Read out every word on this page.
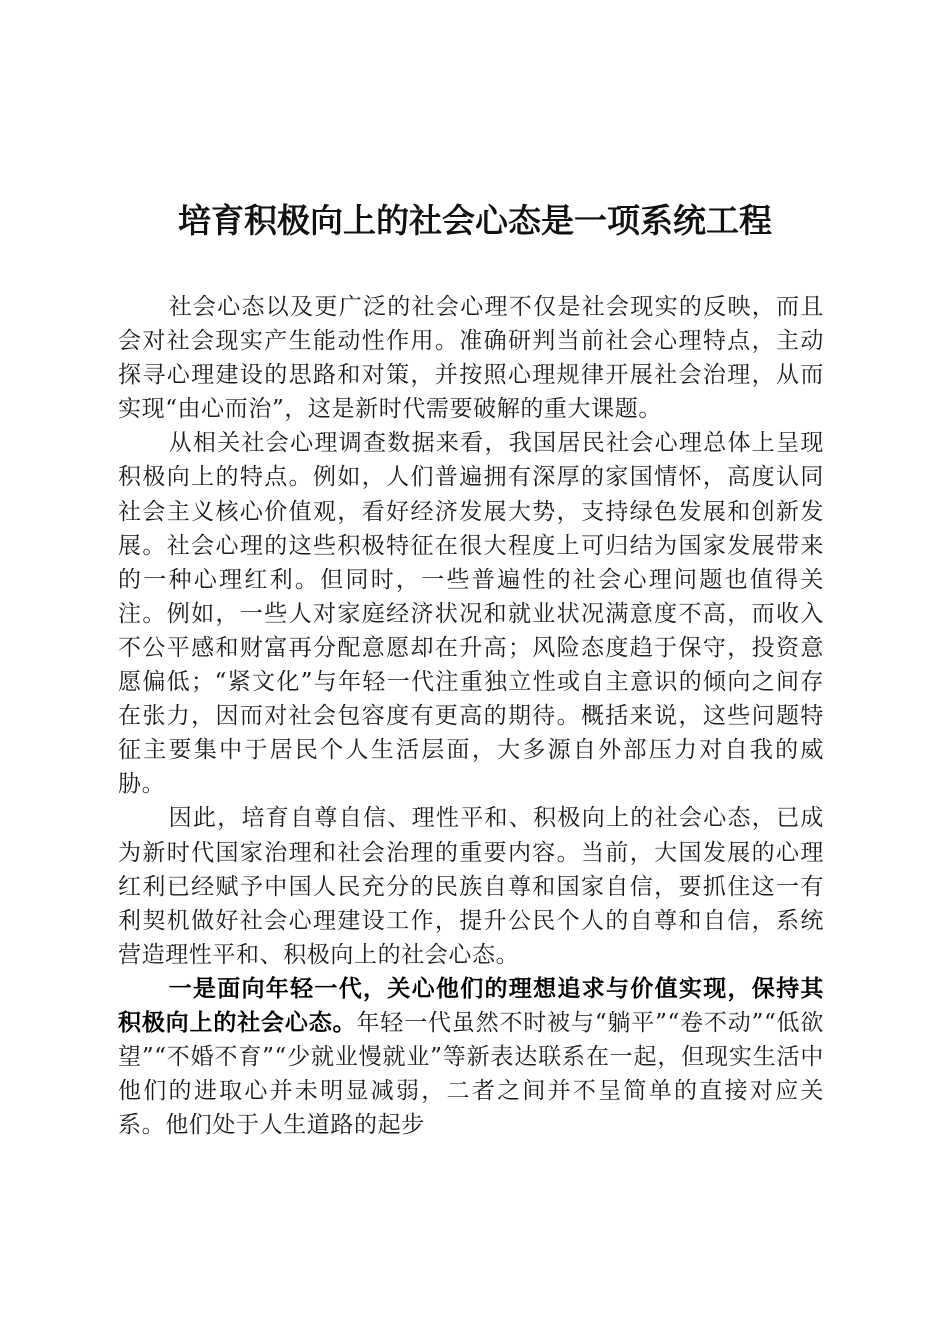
培育积极向上的社会心态是一项系统工程

社会心态以及更广泛的社会心理不仅是社会现实的反映，而且会对社会现实产生能动性作用。准确研判当前社会心理特点，主动探寻心理建设的思路和对策，并按照心理规律开展社会治理，从而实现“由心而治”，这是新时代需要破解的重大课题。

从相关社会心理调查数据来看，我国居民社会心理总体上呈现积极向上的特点。例如，人们普遍拥有深厚的家国情怀，高度认同社会主义核心价值观，看好经济发展大势，支持绿色发展和创新发展。社会心理的这些积极特征在很大程度上可归结为国家发展带来的一种心理红利。但同时，一些普遍性的社会心理问题也值得关注。例如，一些人对家庭经济状况和就业状况满意度不高，而收入不公平感和财富再分配意愿却在升高；风险态度趋于保守，投资意愿偏低；“紧文化”与年轻一代注重独立性或自主意识的倾向之间存在张力，因而对社会包容度有更高的期待。概括来说，这些问题特征主要集中于居民个人生活层面，大多源自外部压力对自我的威胁。

因此，培育自尊自信、理性平和、积极向上的社会心态，已成为新时代国家治理和社会治理的重要内容。当前，大国发展的心理红利已经赋予中国人民充分的民族自尊和国家自信，要抓住这一有利契机做好社会心理建设工作，提升公民个人的自尊和自信，系统营造理性平和、积极向上的社会心态。

一是面向年轻一代，关心他们的理想追求与价值实现，保持其积极向上的社会心态。年轻一代虽然不时被与“躺平”“卷不动”“低欲望”“不婚不育”“少就业慢就业”等新表达联系在一起，但现实生活中他们的进取心并未明显减弱，二者之间并不呈简单的直接对应关系。他们处于人生道路的起步
